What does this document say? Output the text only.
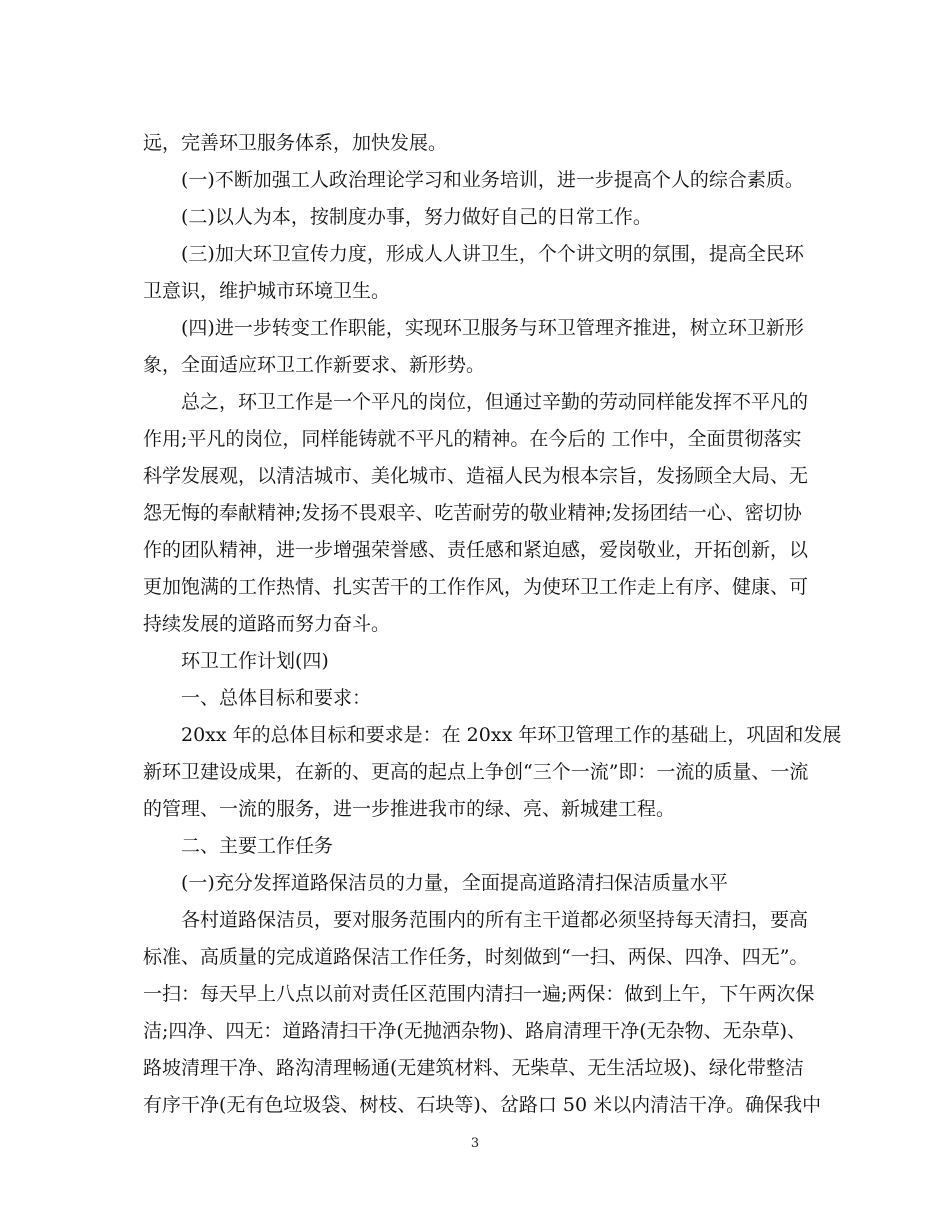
远，完善环卫服务体系，加快发展。
(一)不断加强工人政治理论学习和业务培训，进一步提高个人的综合素质。
(二)以人为本，按制度办事，努力做好自己的日常工作。
(三)加大环卫宣传力度，形成人人讲卫生，个个讲文明的氛围，提高全民环
卫意识，维护城市环境卫生。
(四)进一步转变工作职能，实现环卫服务与环卫管理齐推进，树立环卫新形
象，全面适应环卫工作新要求、新形势。
总之，环卫工作是一个平凡的岗位，但通过辛勤的劳动同样能发挥不平凡的
作用;平凡的岗位，同样能铸就不平凡的精神。在今后的 工作中，全面贯彻落实
科学发展观，以清洁城市、美化城市、造福人民为根本宗旨，发扬顾全大局、无
怨无悔的奉献精神;发扬不畏艰辛、吃苦耐劳的敬业精神;发扬团结一心、密切协
作的团队精神，进一步增强荣誉感、责任感和紧迫感，爱岗敬业，开拓创新，以
更加饱满的工作热情、扎实苦干的工作作风，为使环卫工作走上有序、健康、可
持续发展的道路而努力奋斗。
环卫工作计划(四)
一、总体目标和要求：
20xx 年的总体目标和要求是：在 20xx 年环卫管理工作的基础上，巩固和发展
新环卫建设成果，在新的、更高的起点上争创“三个一流”即：一流的质量、一流
的管理、一流的服务，进一步推进我市的绿、亮、新城建工程。
二、主要工作任务
(一)充分发挥道路保洁员的力量，全面提高道路清扫保洁质量水平
各村道路保洁员，要对服务范围内的所有主干道都必须坚持每天清扫，要高
标准、高质量的完成道路保洁工作任务，时刻做到“一扫、两保、四净、四无”。
一扫：每天早上八点以前对责任区范围内清扫一遍;两保：做到上午，下午两次保
洁;四净、四无：道路清扫干净(无抛洒杂物)、路肩清理干净(无杂物、无杂草)、
路坡清理干净、路沟清理畅通(无建筑材料、无柴草、无生活垃圾)、绿化带整洁
有序干净(无有色垃圾袋、树枝、石块等)、岔路口 50 米以内清洁干净。确保我中
3
